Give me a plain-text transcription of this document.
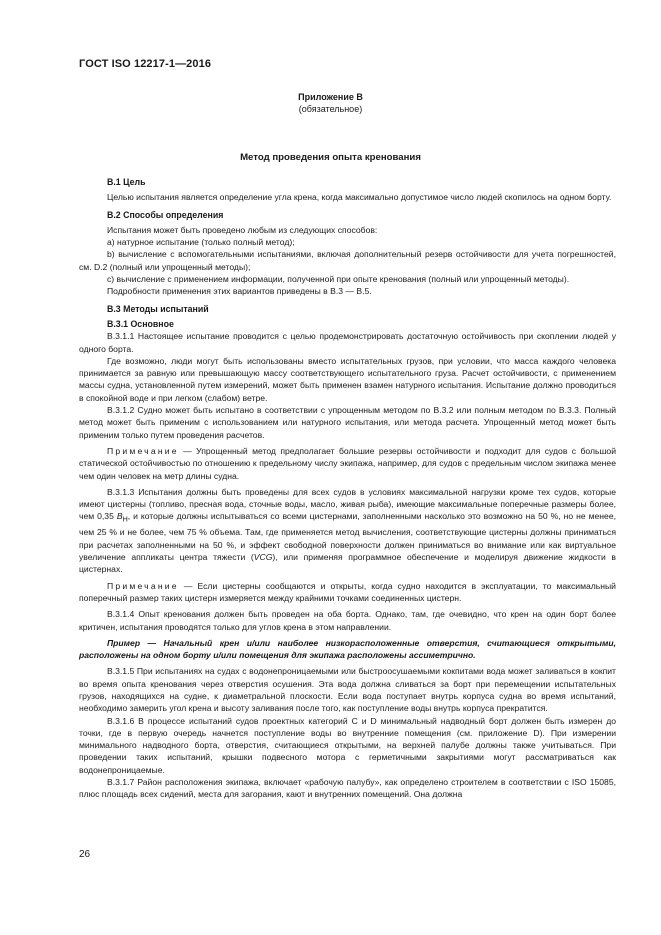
ГОСТ ISO 12217-1—2016
Приложение В
(обязательное)
Метод проведения опыта кренования
В.1 Цель

Целью испытания является определение угла крена, когда максимально допустимое число людей скопилось на одном борту.

В.2 Способы определения

Испытания может быть проведено любым из следующих способов:

а) натурное испытание (только полный метод);

b) вычисление с вспомогательными испытаниями, включая дополнительный резерв остойчивости для учета погрешностей, см. D.2 (полный или упрощенный методы);

c) вычисление с применением информации, полученной при опыте кренования (полный или упрощенный методы).

Подробности применения этих вариантов приведены в В.3 — В.5.

В.3 Методы испытаний
В.3.1 Основное

В.3.1.1 Настоящее испытание проводится с целью продемонстрировать достаточную остойчивость при скоплении людей у одного борта.

Где возможно, люди могут быть использованы вместо испытательных грузов, при условии, что масса каждого человека принимается за равную или превышающую массу соответствующего испытательного груза. Расчет остойчивости, с применением массы судна, установленной путем измерений, может быть применен взамен натурного испытания. Испытание должно проводиться в спокойной воде и при легком (слабом) ветре.

В.3.1.2 Судно может быть испытано в соответствии с упрощенным методом по В.3.2 или полным методом по В.3.3. Полный метод может быть применим с использованием или натурного испытания, или метода расчета. Упрощенный метод может быть применим только путем проведения расчетов.

Примечание — Упрощенный метод предполагает большие резервы остойчивости и подходит для судов с большой статической остойчивостью по отношению к предельному числу экипажа, например, для судов с предельным числом экипажа менее чем один человек на метр длины судна.

В.3.1.3 Испытания должны быть проведены для всех судов в условиях максимальной нагрузки кроме тех судов, которые имеют цистерны (топливо, пресная вода, сточные воды, масло, живая рыба), имеющие максимальные поперечные размеры более, чем 0,35 $B_H$, и которые должны испытываться со всеми цистернами, заполненными насколько это возможно на 50 %, но не менее, чем 25 % и не более, чем 75 % объема. Там, где применяется метод вычисления, соответствующие цистерны должны приниматься при расчетах заполненными на 50 %, и эффект свободной поверхности должен приниматься во внимание или как виртуальное увеличение аппликаты центра тяжести (VCG), или применяя программное обеспечение и моделируя движение жидкости в цистернах.

Примечание — Если цистерны сообщаются и открыты, когда судно находится в эксплуатации, то максимальный поперечный размер таких цистерн измеряется между крайними точками соединенных цистерн.

В.3.1.4 Опыт кренования должен быть проведен на оба борта. Однако, там, где очевидно, что крен на один борт более критичен, испытания проводятся только для углов крена в этом направлении.

Пример — Начальный крен и/или наиболее низкорасположенные отверстия, считающиеся открытыми, расположены на одном борту и/или помещения для экипажа расположены ассиметрично.

В.3.1.5 При испытаниях на судах с водонепроницаемыми или быстроосушаемыми кокпитами вода может заливаться в кокпит во время опыта кренования через отверстия осушения. Эта вода должна сливаться за борт при перемещении испытательных грузов, находящихся на судне, к диаметральной плоскости. Если вода поступает внутрь корпуса судна во время испытаний, необходимо замерить угол крена и высоту заливания после того, как поступление воды внутрь корпуса прекратится.

В.3.1.6 В процессе испытаний судов проектных категорий С и D минимальный надводный борт должен быть измерен до точки, где в первую очередь начнется поступление воды во внутренние помещения (см. приложение D). При измерении минимального надводного борта, отверстия, считающиеся открытыми, на верхней палубе должны также учитываться. При проведении таких испытаний, крышки подвесного мотора с герметичными закрытиями могут рассматриваться как водонепроницаемые.

В.3.1.7 Район расположения экипажа, включает «рабочую палубу», как определено строителем в соответствии с ISO 15085, плюс площадь всех сидений, места для загорания, кают и внутренних помещений. Она должна

26
